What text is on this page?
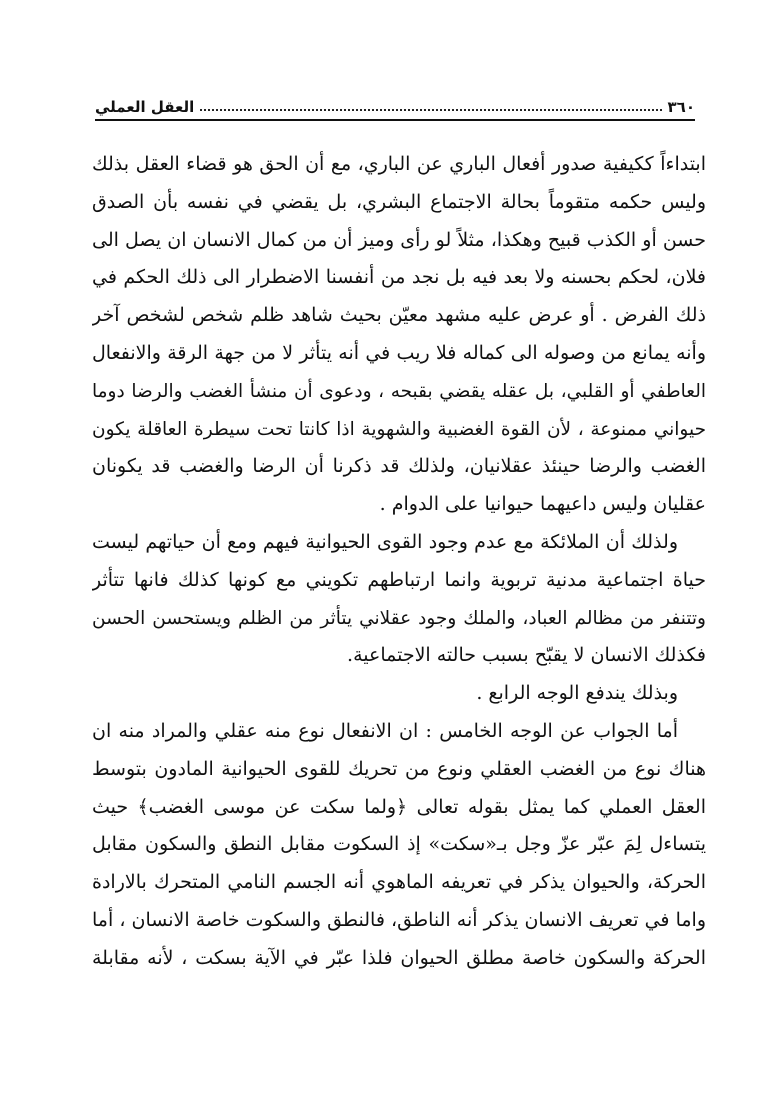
٣٦٠
العقل العملي
ابتداءاً ككيفية صدور أفعال الباري عن الباري، مع أن الحق هو قضاء العقل بذلك
وليس حكمه متقوماً بحالة الاجتماع البشري، بل يقضي في نفسه بأن الصدق
حسن أو الكذب قبيح وهكذا، مثلاً لو رأى وميز أن من كمال الانسان ان يصل الى
فلان، لحكم بحسنه ولا بعد فيه بل نجد من أنفسنا الاضطرار الى ذلك الحكم في
ذلك الفرض . أو عرض عليه مشهد معيّن بحيث شاهد ظلم شخص لشخص آخر
وأنه يمانع من وصوله الى كماله فلا ريب في أنه يتأثر لا من جهة الرقة والانفعال
العاطفي أو القلبي، بل عقله يقضي بقبحه ، ودعوى أن منشأ الغضب والرضا دوما
حيواني ممنوعة ، لأن القوة الغضبية والشهوية اذا كانتا تحت سيطرة العاقلة يكون
الغضب والرضا حينئذ عقلانيان، ولذلك قد ذكرنا أن الرضا والغضب قد يكونان
عقليان وليس داعيهما حيوانيا على الدوام .
ولذلك أن الملائكة مع عدم وجود القوى الحيوانية فيهم ومع أن حياتهم ليست
حياة اجتماعية مدنية تربوية وانما ارتباطهم تكويني مع كونها كذلك فانها تتأثر
وتتنفر من مظالم العباد، والملك وجود عقلاني يتأثر من الظلم ويستحسن الحسن
فكذلك الانسان لا يقبّح بسبب حالته الاجتماعية.
وبذلك يندفع الوجه الرابع .
أما الجواب عن الوجه الخامس : ان الانفعال نوع منه عقلي والمراد منه ان
هناك نوع من الغضب العقلي ونوع من تحريك للقوى الحيوانية المادون بتوسط
العقل العملي كما يمثل بقوله تعالى ﴿ولما سكت عن موسى الغضب﴾ حيث
يتساءل لِمَ عبّر عزّ وجل بـ«سكت» إذ السكوت مقابل النطق والسكون مقابل
الحركة، والحيوان يذكر في تعريفه الماهوي أنه الجسم النامي المتحرك بالارادة
واما في تعريف الانسان يذكر أنه الناطق، فالنطق والسكوت خاصة الانسان ، أما
الحركة والسكون خاصة مطلق الحيوان فلذا عبّر في الآية بسكت ، لأنه مقابلة
